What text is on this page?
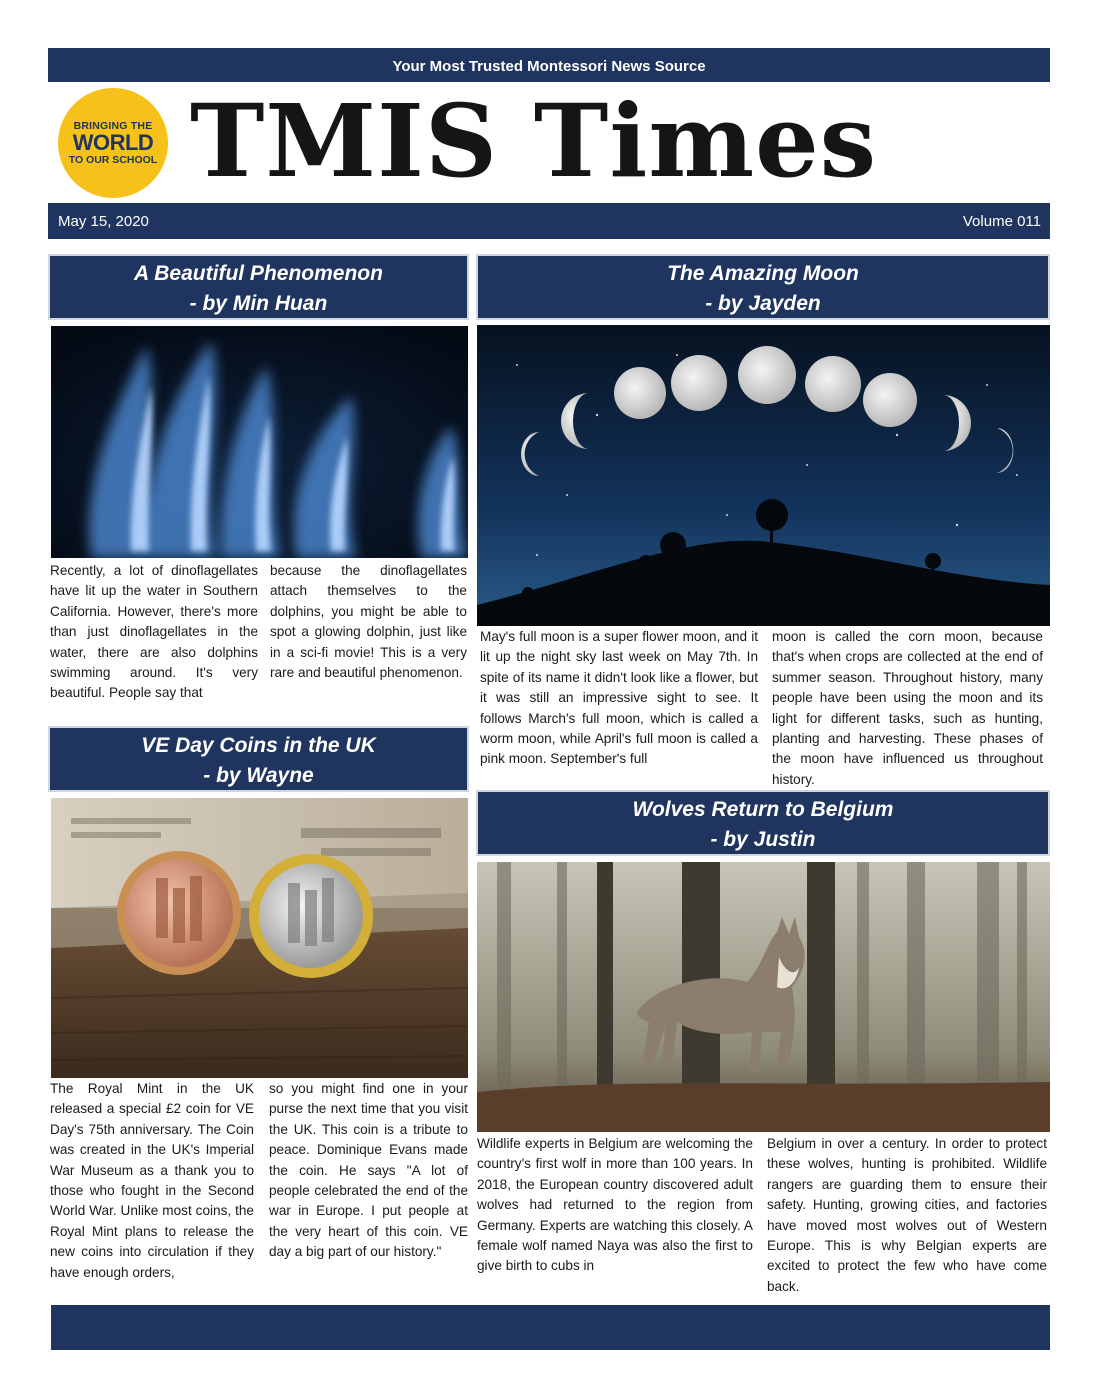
Your Most Trusted Montessori News Source
BRINGING THE
WORLD
TO OUR SCHOOL TMIS Times
May 15, 2020	Volume 011
A Beautiful Phenomenon
- by Min Huan

Recently, a lot of dinoflagellates have lit up the water in Southern California. However, there's more than just dinoflagellates in the water, there are also dolphins swimming around. It's very beautiful. People say that

because the dinoflagellates attach themselves to the dolphins, you might be able to spot a glowing dolphin, just like in a sci-fi movie! This is a very rare and beautiful phenomenon.

VE Day Coins in the UK
- by Wayne

The Royal Mint in the UK released a special £2 coin for VE Day's 75th anniversary. The Coin was created in the UK's Imperial War Museum as a thank you to those who fought in the Second World War. Unlike most coins, the Royal Mint plans to release the new coins into circulation if they have enough orders,

so you might find one in your purse the next time that you visit the UK. This coin is a tribute to peace. Dominique Evans made the coin. He says "A lot of people celebrated the end of the war in Europe. I put people at the very heart of this coin. VE day a big part of our history."

The Amazing Moon
- by Jayden

May's full moon is a super flower moon, and it lit up the night sky last week on May 7th. In spite of its name it didn't look like a flower, but it was still an impressive sight to see. It follows March's full moon, which is called a worm moon, while April's full moon is called a pink moon. September's full

moon is called the corn moon, because that's when crops are collected at the end of summer season. Throughout history, many people have been using the moon and its light for different tasks, such as hunting, planting and harvesting. These phases of the moon have influenced us throughout history.

Wolves Return to Belgium
- by Justin

Wildlife experts in Belgium are welcoming the country's first wolf in more than 100 years. In 2018, the European country discovered adult wolves had returned to the region from Germany. Experts are watching this closely. A female wolf named Naya was also the first to give birth to cubs in

Belgium in over a century. In order to protect these wolves, hunting is prohibited. Wildlife rangers are guarding them to ensure their safety. Hunting, growing cities, and factories have moved most wolves out of Western Europe. This is why Belgian experts are excited to protect the few who have come back.
